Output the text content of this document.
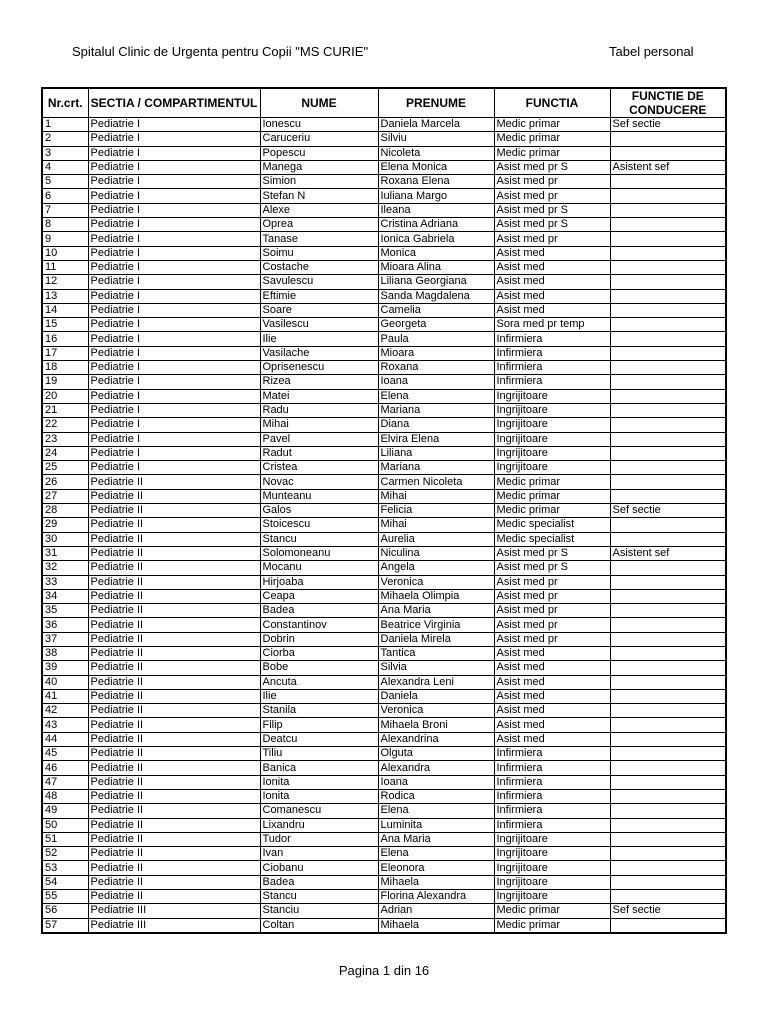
Spitalul Clinic de Urgenta pentru Copii "MS CURIE"	Tabel personal
Nr.crt.	SECTIA / COMPARTIMENTUL	NUME	PRENUME	FUNCTIA	FUNCTIE DE CONDUCERE
1	Pediatrie I	Ionescu	Daniela Marcela	Medic primar	Sef sectie
2	Pediatrie I	Caruceriu	Silviu	Medic primar	
3	Pediatrie I	Popescu	Nicoleta	Medic primar	
4	Pediatrie I	Manega	Elena Monica	Asist med pr S	Asistent sef
5	Pediatrie I	Simion	Roxana Elena	Asist med pr	
6	Pediatrie I	Stefan N	Iuliana Margo	Asist med pr	
7	Pediatrie I	Alexe	Ileana	Asist med pr S	
8	Pediatrie I	Oprea	Cristina Adriana	Asist med pr S	
9	Pediatrie I	Tanase	Ionica Gabriela	Asist med pr	
10	Pediatrie I	Soimu	Monica	Asist med	
11	Pediatrie I	Costache	Mioara Alina	Asist med	
12	Pediatrie I	Savulescu	Liliana Georgiana	Asist med	
13	Pediatrie I	Eftimie	Sanda Magdalena	Asist med	
14	Pediatrie I	Soare	Camelia	Asist med	
15	Pediatrie I	Vasilescu	Georgeta	Sora med pr temp	
16	Pediatrie I	Ilie	Paula	Infirmiera	
17	Pediatrie I	Vasilache	Mioara	Infirmiera	
18	Pediatrie I	Oprisenescu	Roxana	Infirmiera	
19	Pediatrie I	Rizea	Ioana	Infirmiera	
20	Pediatrie I	Matei	Elena	Ingrijitoare	
21	Pediatrie I	Radu	Mariana	Ingrijitoare	
22	Pediatrie I	Mihai	Diana	Ingrijitoare	
23	Pediatrie I	Pavel	Elvira Elena	Ingrijitoare	
24	Pediatrie I	Radut	Liliana	Ingrijitoare	
25	Pediatrie I	Cristea	Mariana	Ingrijitoare	
26	Pediatrie II	Novac	Carmen Nicoleta	Medic primar	
27	Pediatrie II	Munteanu	Mihai	Medic primar	
28	Pediatrie II	Galos	Felicia	Medic primar	Sef sectie
29	Pediatrie II	Stoicescu	Mihai	Medic specialist	
30	Pediatrie II	Stancu	Aurelia	Medic specialist	
31	Pediatrie II	Solomoneanu	Niculina	Asist med pr S	Asistent sef
32	Pediatrie II	Mocanu	Angela	Asist med pr S	
33	Pediatrie II	Hirjoaba	Veronica	Asist med pr	
34	Pediatrie II	Ceapa	Mihaela Olimpia	Asist med pr	
35	Pediatrie II	Badea	Ana Maria	Asist med pr	
36	Pediatrie II	Constantinov	Beatrice Virginia	Asist med pr	
37	Pediatrie II	Dobrin	Daniela Mirela	Asist med pr	
38	Pediatrie II	Ciorba	Tantica	Asist med	
39	Pediatrie II	Bobe	Silvia	Asist med	
40	Pediatrie II	Ancuta	Alexandra Leni	Asist med	
41	Pediatrie II	Ilie	Daniela	Asist med	
42	Pediatrie II	Stanila	Veronica	Asist med	
43	Pediatrie II	Filip	Mihaela Broni	Asist med	
44	Pediatrie II	Deatcu	Alexandrina	Asist med	
45	Pediatrie II	Tiliu	Olguta	Infirmiera	
46	Pediatrie II	Banica	Alexandra	Infirmiera	
47	Pediatrie II	Ionita	Ioana	Infirmiera	
48	Pediatrie II	Ionita	Rodica	Infirmiera	
49	Pediatrie II	Comanescu	Elena	Infirmiera	
50	Pediatrie II	Lixandru	Luminita	Infirmiera	
51	Pediatrie II	Tudor	Ana Maria	Ingrijitoare	
52	Pediatrie II	Ivan	Elena	Ingrijitoare	
53	Pediatrie II	Ciobanu	Eleonora	Ingrijitoare	
54	Pediatrie II	Badea	Mihaela	Ingrijitoare	
55	Pediatrie II	Stancu	Florina Alexandra	Ingrijitoare	
56	Pediatrie III	Stanciu	Adrian	Medic primar	Sef sectie
57	Pediatrie III	Coltan	Mihaela	Medic primar	
Pagina 1 din 16
